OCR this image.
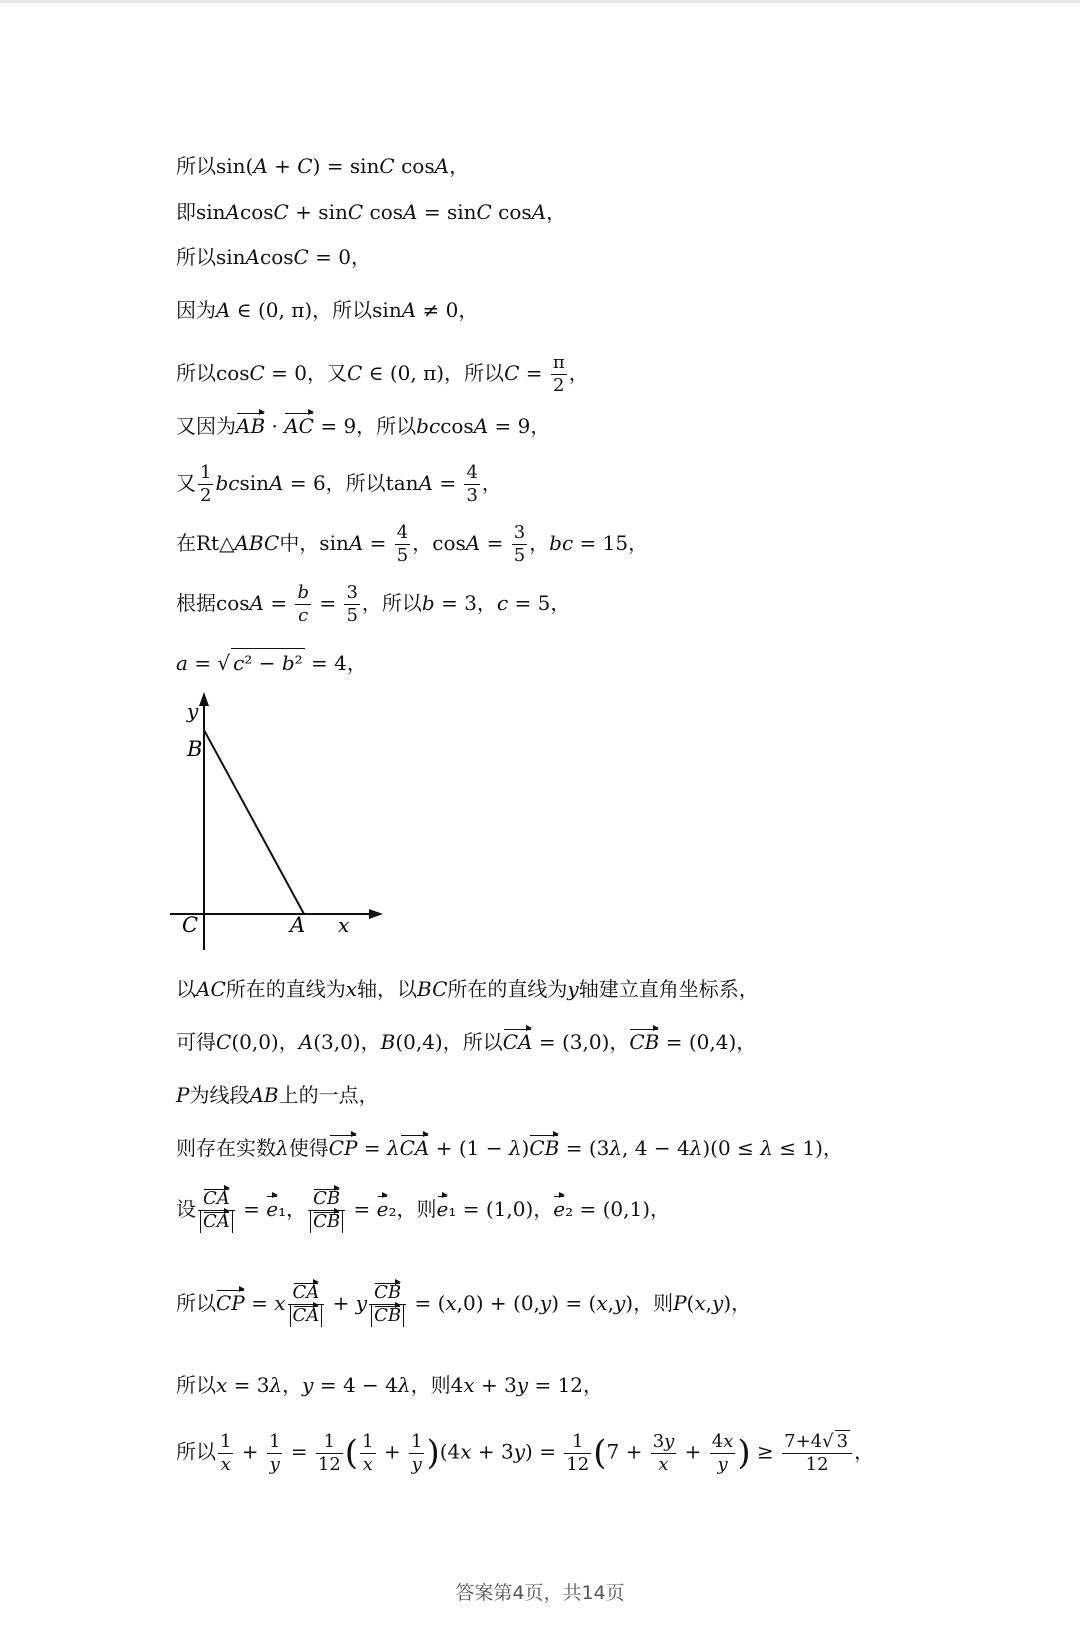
所以sin(A + C) = sinC cosA，
即sinAcosC + sinC cosA = sinC cosA，
所以sinAcosC = 0，
因为A ∈ (0, π)，所以sinA ≠ 0，
所以cosC = 0，又C ∈ (0, π)，所以$C = \frac{\pi}{2}$ ，
又因为AB · AC = 9，所以bccosA = 9，
又 $\frac{1}{2}$ bcsinA = 6，所以$\tan A = \frac{4}{3}$ ，
在Rt△ABC中，$\sin A = \frac{4}{5}$ ，$\cos A = \frac{3}{5}$ ，bc = 15，
根据$\cos A = \frac{b}{c} = \frac{3}{5}$ ，所以b = 3，c = 5，
a = √ c² − b² = 4，
y
B
C	A x
以AC所在的直线为x轴，以BC所在的直线为y轴建立直角坐标系，
可得C(0,0)，A(3,0)，B(0,4)，所以CA = (3,0)，CB = (0,4)，
P为线段AB上的一点，
则存在实数λ使得CP = λCA + (1 − λ)CB = (3λ, 4 − 4λ)(0 ≤ λ ≤ 1)，
设 $\frac{CA}{CA} = e_1$， $\frac{CB}{CB} = e_2$，则e₁ = (1,0)，e₂ = (0,1)，
所以CP = x $\frac{CA}{CA} + y \frac{CB}{CB} = (x,0) + (0,y) = (x,y)$，则P(x,y)，
所以x = 3λ，y = 4 − 4λ，则4x + 3y = 12，
所以 $\frac{1}{x} + \frac{1}{y} = \frac{1}{12}$ ( $\frac{1}{x} + \frac{1}{y} )(4x + 3y) = \frac{1}{12} (7 + \frac{3y}{x} + \frac{4x}{y}$ ) ≥ $\frac{7+4√ 3}{12}$ ，
答案第4页，共14页
